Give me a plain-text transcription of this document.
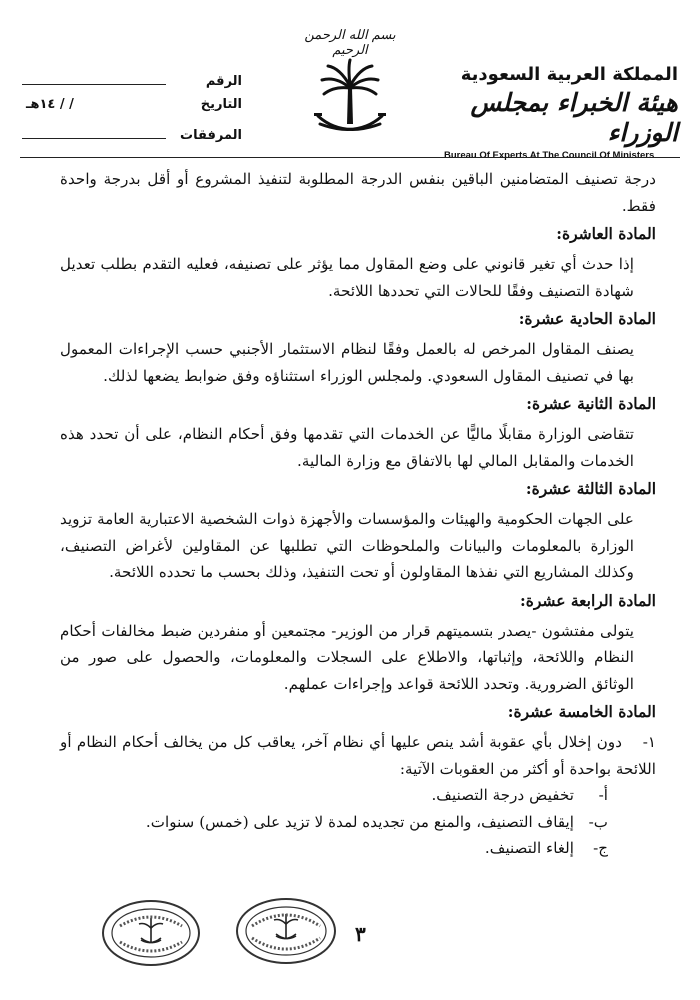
بسم الله الرحمن الرحيم
المملكة العربية السعودية
هيئة الخبراء بمجلس الوزراء
Bureau Of Experts At The Council Of Ministers
الرقم
التاريخ
/ / ١٤هـ
المرفقات

درجة تصنيف المتضامنين الباقين بنفس الدرجة المطلوبة لتنفيذ المشروع أو أقل بدرجة واحدة فقط.

المادة العاشرة:

إذا حدث أي تغير قانوني على وضع المقاول مما يؤثر على تصنيفه، فعليه التقدم بطلب تعديل شهادة التصنيف وفقًا للحالات التي تحددها اللائحة.

المادة الحادية عشرة:

يصنف المقاول المرخص له بالعمل وفقًا لنظام الاستثمار الأجنبي حسب الإجراءات المعمول بها في تصنيف المقاول السعودي. ولمجلس الوزراء استثناؤه وفق ضوابط يضعها لذلك.

المادة الثانية عشرة:

تتقاضى الوزارة مقابلًا ماليًّا عن الخدمات التي تقدمها وفق أحكام النظام، على أن تحدد هذه الخدمات والمقابل المالي لها بالاتفاق مع وزارة المالية.

المادة الثالثة عشرة:

على الجهات الحكومية والهيئات والمؤسسات والأجهزة ذوات الشخصية الاعتبارية العامة تزويد الوزارة بالمعلومات والبيانات والملحوظات التي تطلبها عن المقاولين لأغراض التصنيف، وكذلك المشاريع التي نفذها المقاولون أو تحت التنفيذ، وذلك بحسب ما تحدده اللائحة.

المادة الرابعة عشرة:

يتولى مفتشون -يصدر بتسميتهم قرار من الوزير- مجتمعين أو منفردين ضبط مخالفات أحكام النظام واللائحة، وإثباتها، والاطلاع على السجلات والمعلومات، والحصول على صور من الوثائق الضرورية. وتحدد اللائحة قواعد وإجراءات عملهم.

المادة الخامسة عشرة:
١-دون إخلال بأي عقوبة أشد ينص عليها أي نظام آخر، يعاقب كل من يخالف أحكام النظام أو اللائحة بواحدة أو أكثر من العقوبات الآتية:
أ-تخفيض درجة التصنيف.
ب-إيقاف التصنيف، والمنع من تجديده لمدة لا تزيد على (خمس) سنوات.
ج-إلغاء التصنيف.
٣
